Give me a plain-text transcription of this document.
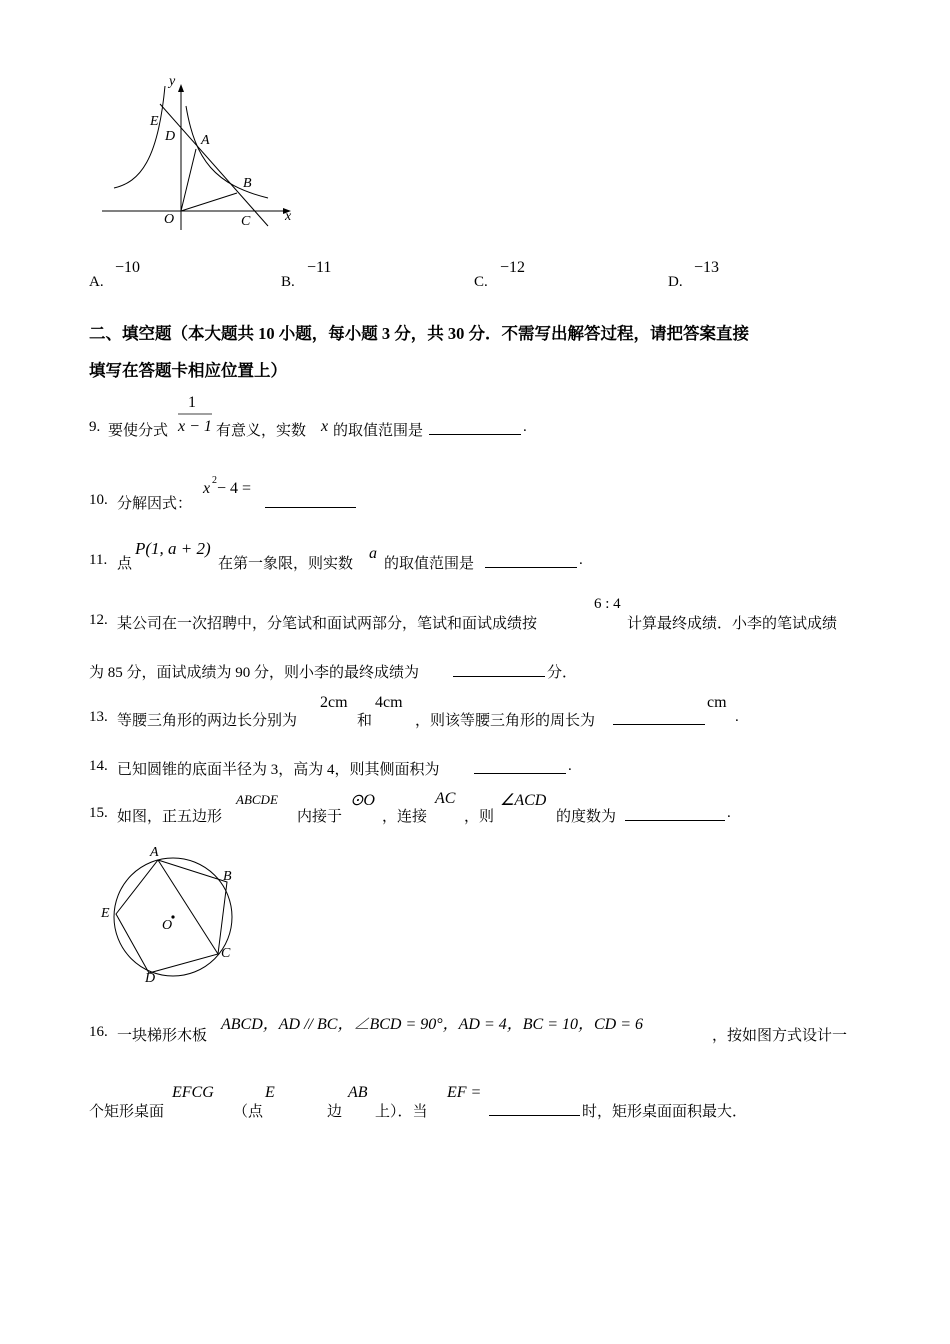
y
x
E
D A
B
O	C
A.
−10
B.
−11
C.
−12
D.
−13
二、填空题（本大题共 10 小题，每小题 3 分，共 30 分．不需写出解答过程，请把答案直接
填写在答题卡相应位置上）
9. 要使分式
1
x − 1 有意义，实数 x 的取值范围是	.
10. 分解因式：
x 2 − 4 =
11. 点
P(1, a + 2)
在第一象限，则实数
a
的取值范围是	.
12. 某公司在一次招聘中，分笔试和面试两部分，笔试和面试成绩按
6 : 4
计算最终成绩．小李的笔试成绩
为 85 分，面试成绩为 90 分，则小李的最终成绩为	分．
13. 等腰三角形的两边长分别为
2cm
和
4cm
，则该等腰三角形的周长为
cm
.
14. 已知圆锥的底面半径为 3，高为 4，则其侧面积为	.
15. 如图，正五边形
ABCDE
内接于
⊙O
，连接
AC
，则
∠ACD
的度数为	.
A
B
C
D
E
O
16. 一块梯形木板
ABCD，AD // BC，∠BCD = 90°，AD = 4，BC = 10，CD = 6
，按如图方式设计一
个矩形桌面
EFCG
（点
E
边
AB
上）．当
EF =
时，矩形桌面面积最大．
